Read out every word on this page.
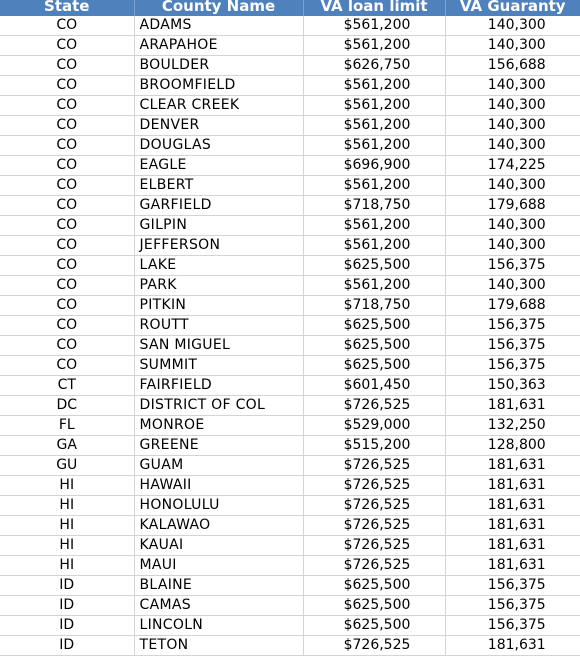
State	County Name	VA loan limit	VA Guaranty
CO	ADAMS	$561,200	140,300
CO	ARAPAHOE	$561,200	140,300
CO	BOULDER	$626,750	156,688
CO	BROOMFIELD	$561,200	140,300
CO	CLEAR CREEK	$561,200	140,300
CO	DENVER	$561,200	140,300
CO	DOUGLAS	$561,200	140,300
CO	EAGLE	$696,900	174,225
CO	ELBERT	$561,200	140,300
CO	GARFIELD	$718,750	179,688
CO	GILPIN	$561,200	140,300
CO	JEFFERSON	$561,200	140,300
CO	LAKE	$625,500	156,375
CO	PARK	$561,200	140,300
CO	PITKIN	$718,750	179,688
CO	ROUTT	$625,500	156,375
CO	SAN MIGUEL	$625,500	156,375
CO	SUMMIT	$625,500	156,375
CT	FAIRFIELD	$601,450	150,363
DC	DISTRICT OF COL	$726,525	181,631
FL	MONROE	$529,000	132,250
GA	GREENE	$515,200	128,800
GU	GUAM	$726,525	181,631
HI	HAWAII	$726,525	181,631
HI	HONOLULU	$726,525	181,631
HI	KALAWAO	$726,525	181,631
HI	KAUAI	$726,525	181,631
HI	MAUI	$726,525	181,631
ID	BLAINE	$625,500	156,375
ID	CAMAS	$625,500	156,375
ID	LINCOLN	$625,500	156,375
ID	TETON	$726,525	181,631
